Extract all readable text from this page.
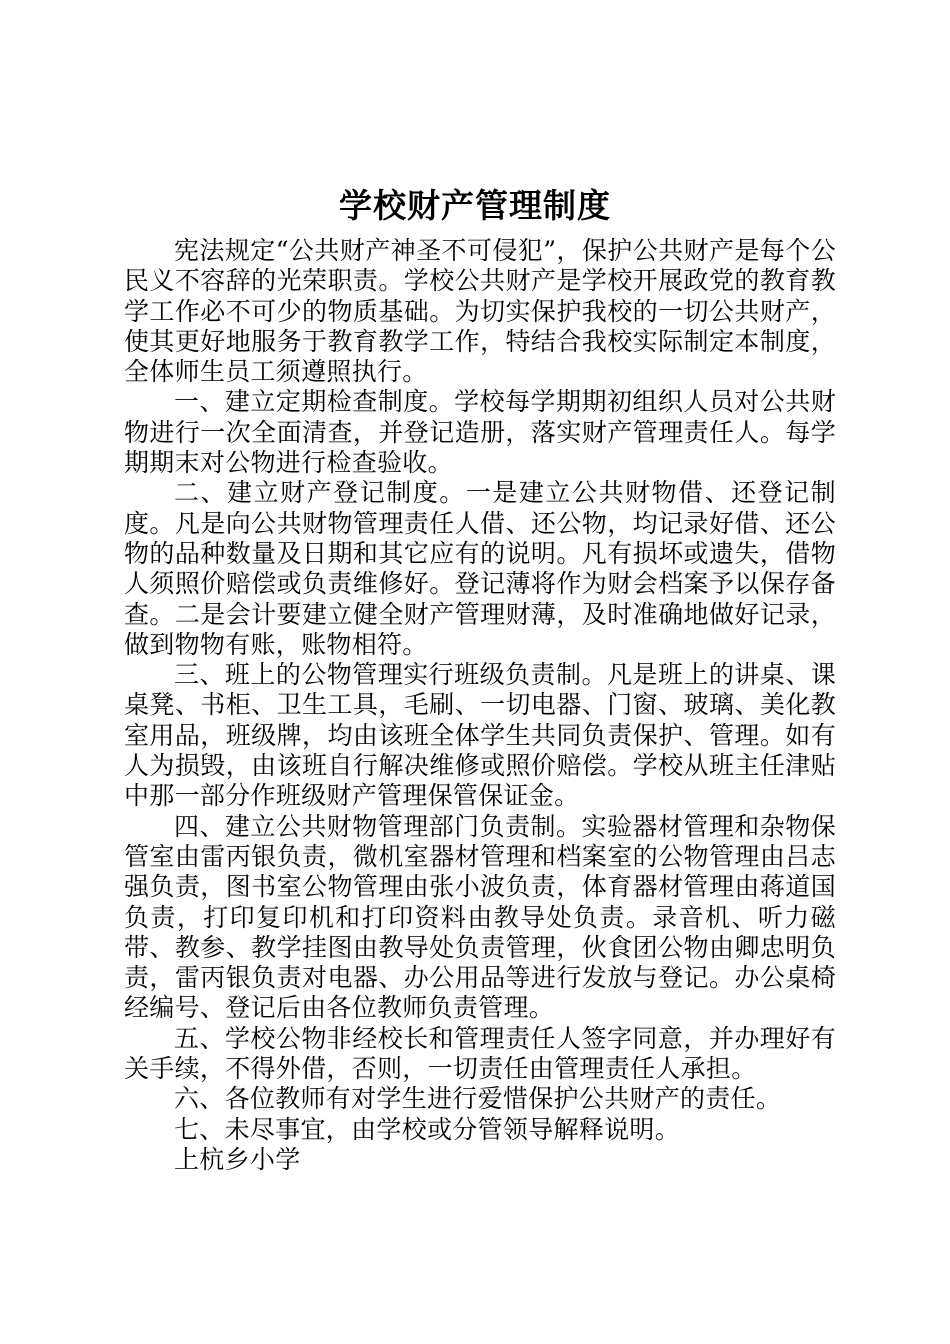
学校财产管理制度

宪法规定“公共财产神圣不可侵犯”，保护公共财产是每个公民义不容辞的光荣职责。学校公共财产是学校开展政党的教育教学工作必不可少的物质基础。为切实保护我校的一切公共财产，使其更好地服务于教育教学工作，特结合我校实际制定本制度，全体师生员工须遵照执行。

一、建立定期检查制度。学校每学期期初组织人员对公共财物进行一次全面清查，并登记造册，落实财产管理责任人。每学期期末对公物进行检查验收。

二、建立财产登记制度。一是建立公共财物借、还登记制度。凡是向公共财物管理责任人借、还公物，均记录好借、还公物的品种数量及日期和其它应有的说明。凡有损坏或遗失，借物人须照价赔偿或负责维修好。登记薄将作为财会档案予以保存备查。二是会计要建立健全财产管理财薄，及时准确地做好记录，做到物物有账，账物相符。

三、班上的公物管理实行班级负责制。凡是班上的讲桌、课桌凳、书柜、卫生工具，毛刷、一切电器、门窗、玻璃、美化教室用品，班级牌，均由该班全体学生共同负责保护、管理。如有人为损毁，由该班自行解决维修或照价赔偿。学校从班主任津贴中那一部分作班级财产管理保管保证金。

四、建立公共财物管理部门负责制。实验器材管理和杂物保管室由雷丙银负责，微机室器材管理和档案室的公物管理由吕志强负责，图书室公物管理由张小波负责，体育器材管理由蒋道国负责，打印复印机和打印资料由教导处负责。录音机、听力磁带、教参、教学挂图由教导处负责管理，伙食团公物由卿忠明负责，雷丙银负责对电器、办公用品等进行发放与登记。办公桌椅经编号、登记后由各位教师负责管理。

五、学校公物非经校长和管理责任人签字同意，并办理好有关手续，不得外借，否则，一切责任由管理责任人承担。

六、各位教师有对学生进行爱惜保护公共财产的责任。

七、未尽事宜，由学校或分管领导解释说明。

上杭乡小学
